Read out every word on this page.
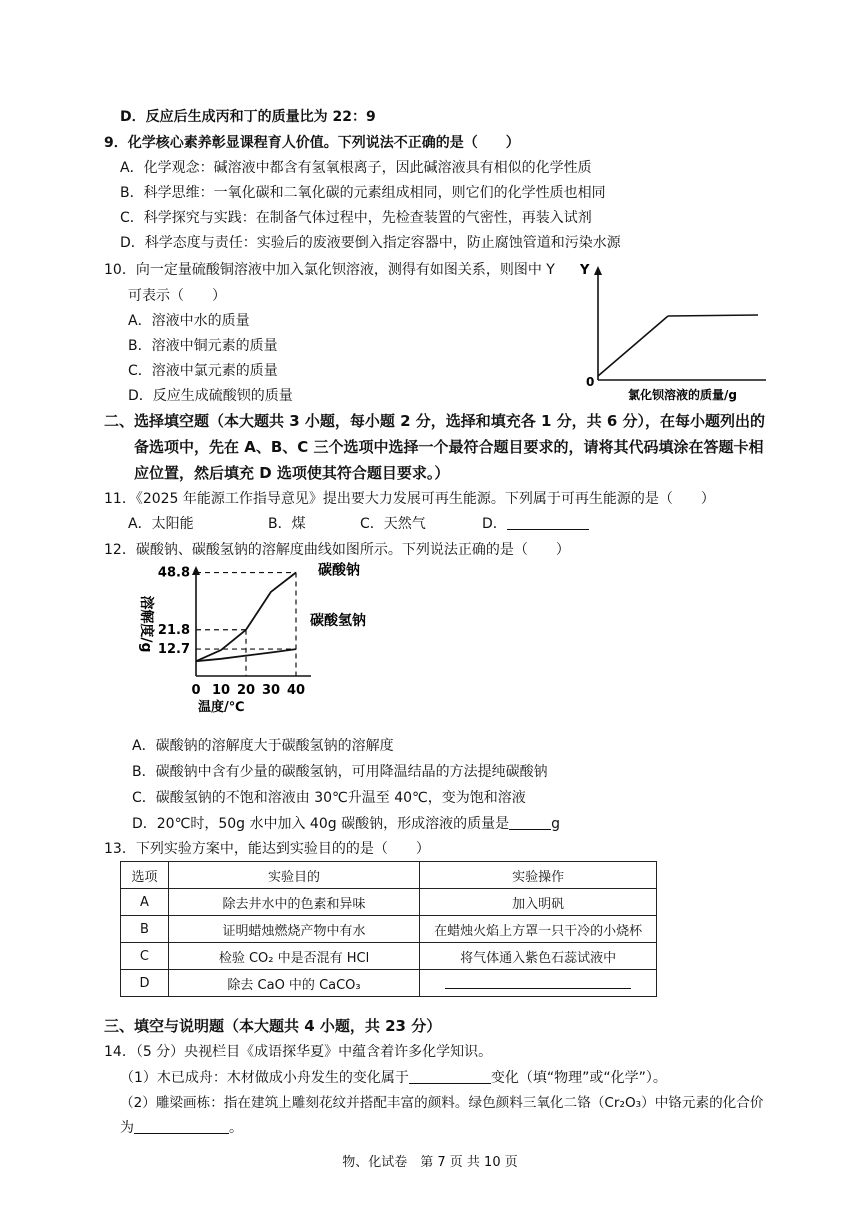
D．反应后生成丙和丁的质量比为 22：9
9．化学核心素养彰显课程育人价值。下列说法不正确的是（　　）
A．化学观念：碱溶液中都含有氢氧根离子，因此碱溶液具有相似的化学性质
B．科学思维：一氧化碳和二氧化碳的元素组成相同，则它们的化学性质也相同
C．科学探究与实践：在制备气体过程中，先检查装置的气密性，再装入试剂
D．科学态度与责任：实验后的废液要倒入指定容器中，防止腐蚀管道和污染水源
10．向一定量硫酸铜溶液中加入氯化钡溶液，测得有如图关系，则图中 Y
可表示（　　）
A．溶液中水的质量
B．溶液中铜元素的质量
C．溶液中氯元素的质量
D．反应生成硫酸钡的质量
Y
0
氯化钡溶液的质量/g
二、选择填空题（本大题共 3 小题，每小题 2 分，选择和填充各 1 分，共 6 分），在每小题列出的
备选项中，先在 A、B、C 三个选项中选择一个最符合题目要求的，请将其代码填涂在答题卡相
应位置，然后填充 D 选项使其符合题目要求。）
11．《2025 年能源工作指导意见》提出要大力发展可再生能源。下列属于可再生能源的是（　　）
A．太阳能	B．煤	C．天然气	D．
12．碳酸钠、碳酸氢钠的溶解度曲线如图所示。下列说法正确的是（　　）
12.7
21.8
48.8
0 10 20 30 40
温度/℃
溶解度/g
碳酸钠
碳酸氢钠
A．碳酸钠的溶解度大于碳酸氢钠的溶解度
B．碳酸钠中含有少量的碳酸氢钠，可用降温结晶的方法提纯碳酸钠
C．碳酸氢钠的不饱和溶液由 30℃升温至 40℃，变为饱和溶液
D．20℃时，50g 水中加入 40g 碳酸钠，形成溶液的质量是	g
13．下列实验方案中，能达到实验目的的是（　　）
选项	实验目的	实验操作
A	除去井水中的色素和异味	加入明矾
B	证明蜡烛燃烧产物中有水	在蜡烛火焰上方罩一只干冷的小烧杯
C	检验 CO₂ 中是否混有 HCl	将气体通入紫色石蕊试液中
D	除去 CaO 中的 CaCO₃	
三、填空与说明题（本大题共 4 小题，共 23 分）
14．（5 分）央视栏目《成语探华夏》中蕴含着许多化学知识。
（1）木已成舟：木材做成小舟发生的变化属于	变化（填“物理”或“化学”）。
（2）雕梁画栋：指在建筑上雕刻花纹并搭配丰富的颜料。绿色颜料三氧化二铬（Cr₂O₃）中铬元素的化合价
为	。
物、化试卷　第 7 页 共 10 页
